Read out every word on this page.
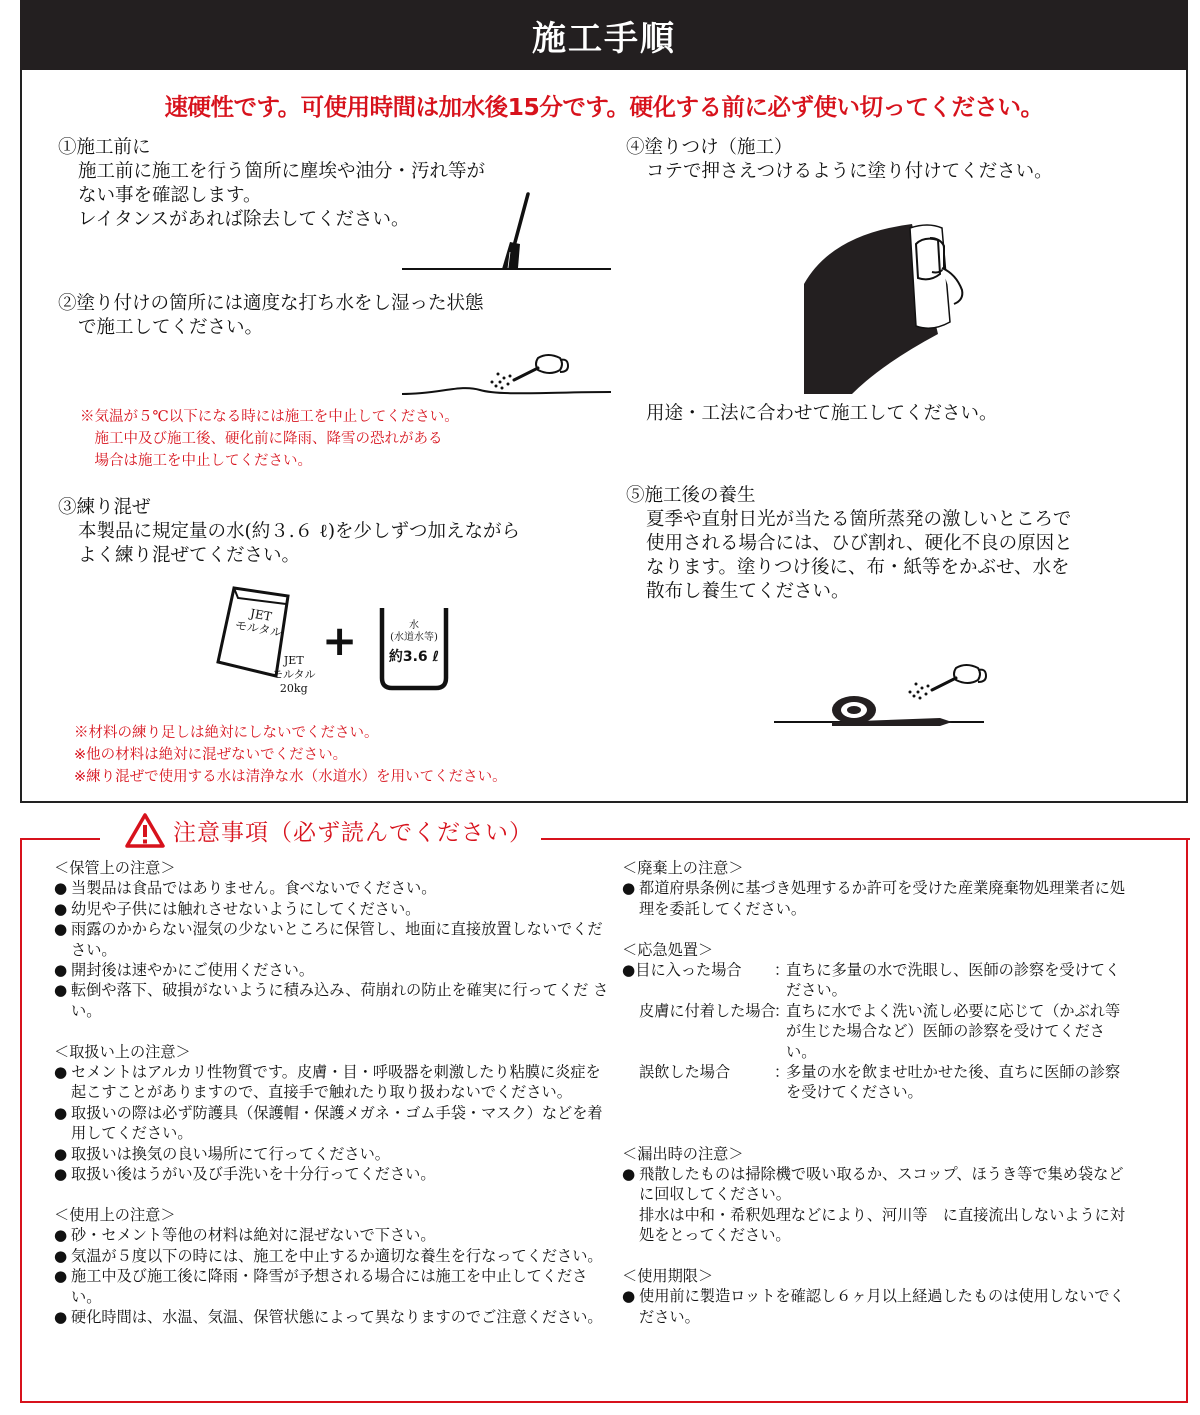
施工手順
速硬性です。可使用時間は加水後15分です。硬化する前に必ず使い切ってください。
①施工前に
施工前に施工を行う箇所に塵埃や油分・汚れ等が
ない事を確認します。
レイタンスがあれば除去してください。
②塗り付けの箇所には適度な打ち水をし湿った状態
で施工してください。
※気温が５℃以下になる時には施工を中止してください。
　施工中及び施工後、硬化前に降雨、降雪の恐れがある
　場合は施工を中止してください。
③練り混ぜ
本製品に規定量の水(約３.６ ℓ)を少しずつ加えながら
よく練り混ぜてください。
JET
モルタル
JET
モルタル
20kg
+	水
(水道水等)
約3.6 ℓ
※材料の練り足しは絶対にしないでください。
※他の材料は絶対に混ぜないでください。
※練り混ぜで使用する水は清浄な水（水道水）を用いてください。
④塗りつけ（施工）
コテで押さえつけるように塗り付けてください。
用途・工法に合わせて施工してください。
⑤施工後の養生
夏季や直射日光が当たる箇所蒸発の激しいところで
使用される場合には、ひび割れ、硬化不良の原因と
なります。塗りつけ後に、布・紙等をかぶせ、水を
散布し養生てください。
注意事項（必ず読んでください）
＜保管上の注意＞
● 当製品は食品ではありません。食べないでください。
● 幼児や子供には触れさせないようにしてください。
● 雨露のかからない湿気の少ないところに保管し、地面に直接放置しないでください。
● 開封後は速やかにご使用ください。
● 転倒や落下、破損がないように積み込み、荷崩れの防止を確実に行ってくだ さい。
＜取扱い上の注意＞
● セメントはアルカリ性物質です。皮膚・目・呼吸器を刺激したり粘膜に炎症を起こすことがありますので、直接手で触れたり取り扱わないでください。
● 取扱いの際は必ず防護具（保護帽・保護メガネ・ゴム手袋・マスク）などを着用してください。
● 取扱いは換気の良い場所にて行ってください。
● 取扱い後はうがい及び手洗いを十分行ってください。
＜使用上の注意＞
● 砂・セメント等他の材料は絶対に混ぜないで下さい。
● 気温が５度以下の時には、施工を中止するか適切な養生を行なってください。
● 施工中及び施工後に降雨・降雪が予想される場合には施工を中止してください。
● 硬化時間は、水温、気温、保管状態によって異なりますのでご注意ください。
＜廃棄上の注意＞
● 都道府県条例に基づき処理するか許可を受けた産業廃棄物処理業者に処理を委託してください。
＜応急処置＞
●目に入った場合	：
直ちに多量の水で洗眼し、医師の診察を受けてください。
皮膚に付着した場合
：
直ちに水でよく洗い流し必要に応じて（かぶれ等が生じた場合など）医師の診察を受けてください。
誤飲した場合	：
多量の水を飲ませ吐かせた後、直ちに医師の診察を受けてください。
＜漏出時の注意＞
● 飛散したものは掃除機で吸い取るか、スコップ、ほうき等で集め袋などに回収してください。
排水は中和・希釈処理などにより、河川等　に直接流出しないように対処をとってください。
＜使用期限＞
● 使用前に製造ロットを確認し６ヶ月以上経過したものは使用しないでください。
